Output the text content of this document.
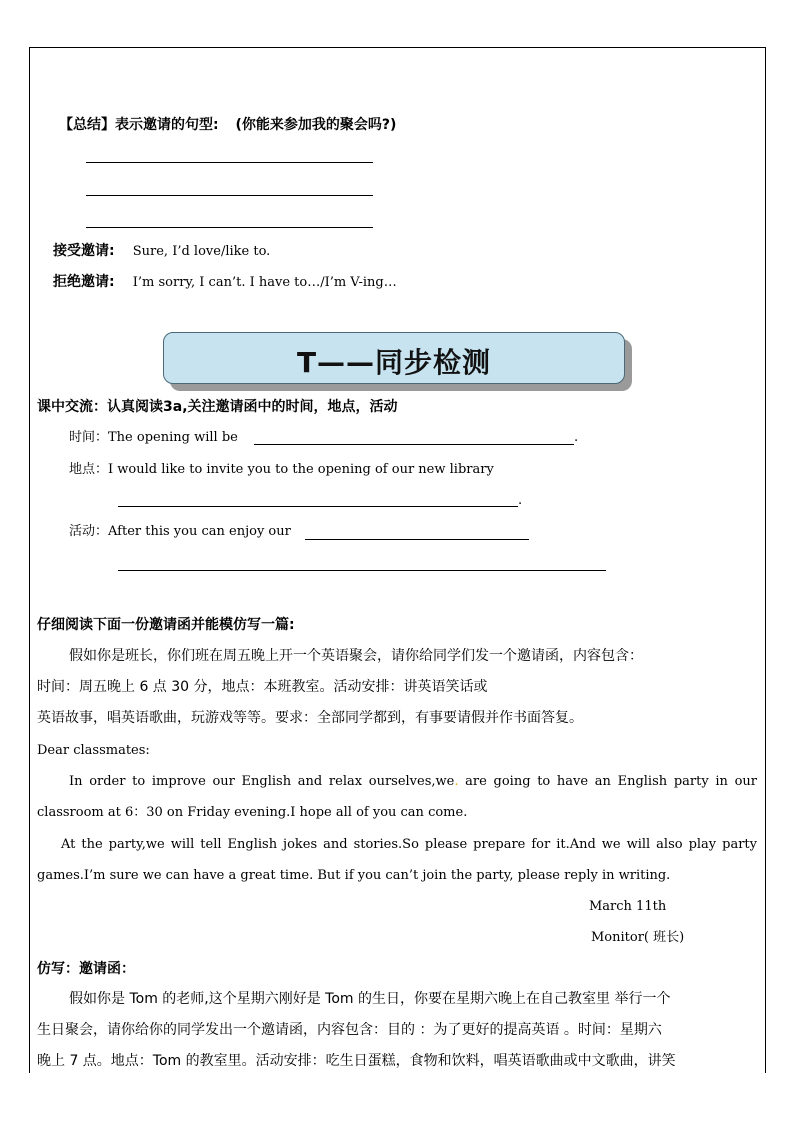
【总结】表示邀请的句型: (你能来参加我的聚会吗?)
接受邀请: Sure, I’d love/like to.
拒绝邀请: I’m sorry, I can’t. I have to…/I’m V-ing…
T——同步检测
课中交流：认真阅读3a,关注邀请函中的时间，地点，活动
时间：The opening will be	.
地点：I would like to invite you to the opening of our new library
.
活动：After this you can enjoy our
仔细阅读下面一份邀请函并能模仿写一篇:
假如你是班长，你们班在周五晚上开一个英语聚会，请你给同学们发一个邀请函，内容包含：
时间：周五晚上 6 点 30 分，地点：本班教室。活动安排：讲英语笑话或
英语故事，唱英语歌曲，玩游戏等等。要求：全部同学都到，有事要请假并作书面答复。
Dear classmates:
In order to improve our English and relax ourselves,we. are going to have an English party in our
classroom at 6：30 on Friday evening.I hope all of you can come.
At the party,we will tell English jokes and stories.So please prepare for it.And we will also play party
games.I’m sure we can have a great time. But if you can’t join the party, please reply in writing.
March 11th
Monitor( 班长)
仿写：邀请函：
假如你是 Tom 的老师,这个星期六刚好是 Tom 的生日，你要在星期六晚上在自己教室里 举行一个
生日聚会，请你给你的同学发出一个邀请函，内容包含：目的 ：为了更好的提高英语 。时间：星期六
晚上 7 点。地点：Tom 的教室里。活动安排：吃生日蛋糕，食物和饮料，唱英语歌曲或中文歌曲，讲笑
